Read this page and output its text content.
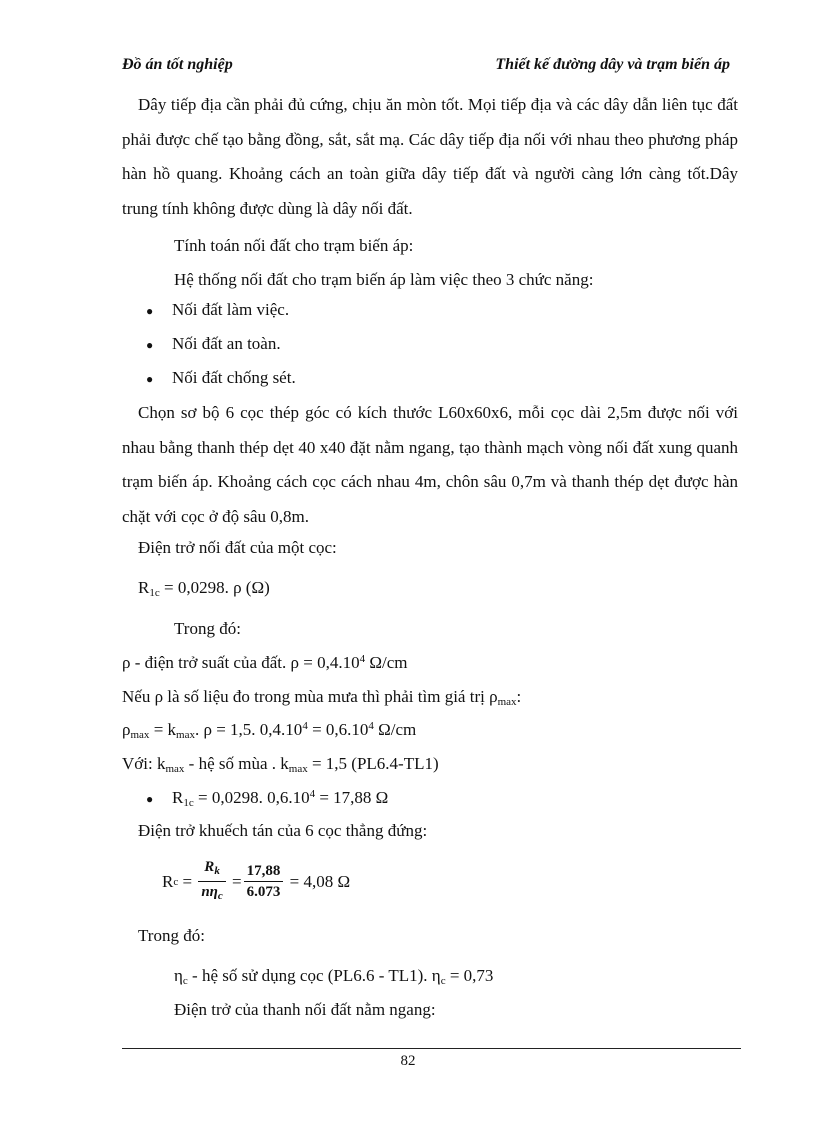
Đồ án tốt nghiệp	Thiết kế đường dây và trạm biến áp
Dây tiếp địa cần phải đủ cứng, chịu ăn mòn tốt. Mọi tiếp địa và các dây dẫn liên tục đất phải được chế tạo bằng đồng, sắt, sắt mạ. Các dây tiếp địa nối với nhau theo phương pháp hàn hồ quang. Khoảng cách an toàn giữa dây tiếp đất và người càng lớn càng tốt.Dây trung tính không được dùng là dây nối đất.
Tính toán nối đất cho trạm biến áp:
Hệ thống nối đất cho trạm biến áp làm việc theo 3 chức năng:
● Nối đất làm việc.
● Nối đất an toàn.
● Nối đất chống sét.
Chọn sơ bộ 6 cọc thép góc có kích thước L60x60x6, mỗi cọc dài 2,5m được nối với nhau bằng thanh thép dẹt 40 x40 đặt nằm ngang, tạo thành mạch vòng nối đất xung quanh trạm biến áp. Khoảng cách cọc cách nhau 4m, chôn sâu 0,7m và thanh thép dẹt được hàn chặt với cọc ở độ sâu 0,8m.
Điện trở nối đất của một cọc:
$R_{1c} = 0,0298$. ρ (Ω)
Trong đó:
ρ - điện trở suất của đất. $\rho = 0,4.10^4$ Ω/cm
Nếu ρ là số liệu đo trong mùa mưa thì phải tìm giá trị $\rho_{max}$:
$\rho_{max} = k_{max}$. ρ = 1,5. $0,4.10^4 = 0,6.10^4$ Ω/cm
Với: $k_{max}$ - hệ số mùa . $k_{max} = 1,5$ (PL6.4-TL1)
● $R_{1c} = 0,0298$. $0,6.10^4 = 17,88$ Ω
Điện trở khuếch tán của 6 cọc thẳng đứng:
R $c = \frac{R_k}{n\eta_c} = \frac{17,88}{6.073} = 4,08$ Ω
Trong đó:
$\eta_c$ - hệ số sử dụng cọc (PL6.6 - TL1). $\eta_c = 0,73$
Điện trở của thanh nối đất nằm ngang:
82
